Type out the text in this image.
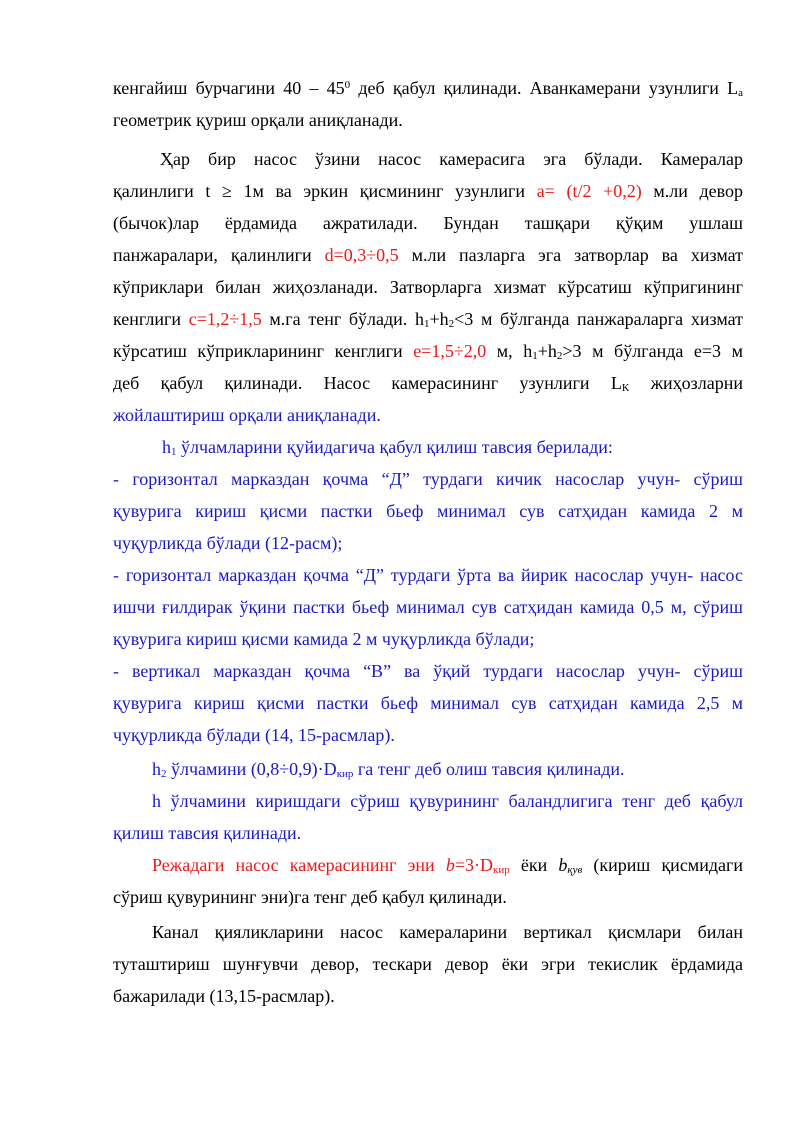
кенгайиш бурчагини $40 - 45^0$ деб қабул қилинади. Аванкамерани узунлиги $L_а$
геометрик қуриш орқали аниқланади.
Ҳар бир насос ўзини насос камерасига эга бўлади. Камералар
қалинлиги t ≥ 1м ва эркин қисмининг узунлиги а= (t/2 +0,2) м.ли девор
(бычок)лар ёрдамида ажратилади. Бундан ташқари қўқим ушлаш
панжаралари, қалинлиги d=0,3÷0,5 м.ли пазларга эга затворлар ва хизмат
кўприклари билан жиҳозланади. Затворларга хизмат кўрсатиш кўпригининг
кенглиги c=1,2÷1,5 м.га тенг бўлади. $h_1+h_2<3$ м бўлганда панжараларга хизмат
кўрсатиш кўприкларининг кенглиги e=1,5÷2,0 м, $h_1+h_2>3$ м бўлганда е=3 м
деб қабул қилинади. Насос камерасининг узунлиги $L_К$ жиҳозларни
жойлаштириш орқали аниқланади.
$h_1$ ўлчамларини қуйидагича қабул қилиш тавсия берилади:
- горизонтал марказдан қочма “Д” турдаги кичик насослар учун- сўриш
қувурига кириш қисми пастки бьеф минимал сув сатҳидан камида 2 м
чуқурликда бўлади (12-расм);
- горизонтал марказдан қочма “Д” турдаги ўрта ва йирик насослар учун- насос
ишчи ғилдирак ўқини пастки бьеф минимал сув сатҳидан камида 0,5 м, сўриш
қувурига кириш қисми камида 2 м чуқурликда бўлади;
- вертикал марказдан қочма “В” ва ўқий турдаги насослар учун- сўриш
қувурига кириш қисми пастки бьеф минимал сув сатҳидан камида 2,5 м
чуқурликда бўлади (14, 15-расмлар).
$h_2$ ўлчамини $(0,8\div 0,9)\cdot D_{кир}$ га тенг деб олиш тавсия қилинади.
h ўлчамини киришдаги сўриш қувурининг баландлигига тенг деб қабул
қилиш тавсия қилинади.
Режадаги насос камерасининг эни $b=3\cdot D_{кир}$ ёки $b_{қув}$ (кириш қисмидаги
сўриш қувурининг эни)га тенг деб қабул қилинади.
Канал қияликларини насос камераларини вертикал қисмлари билан
туташтириш шунғувчи девор, тескари девор ёки эгри текислик ёрдамида
бажарилади (13,15-расмлар).
